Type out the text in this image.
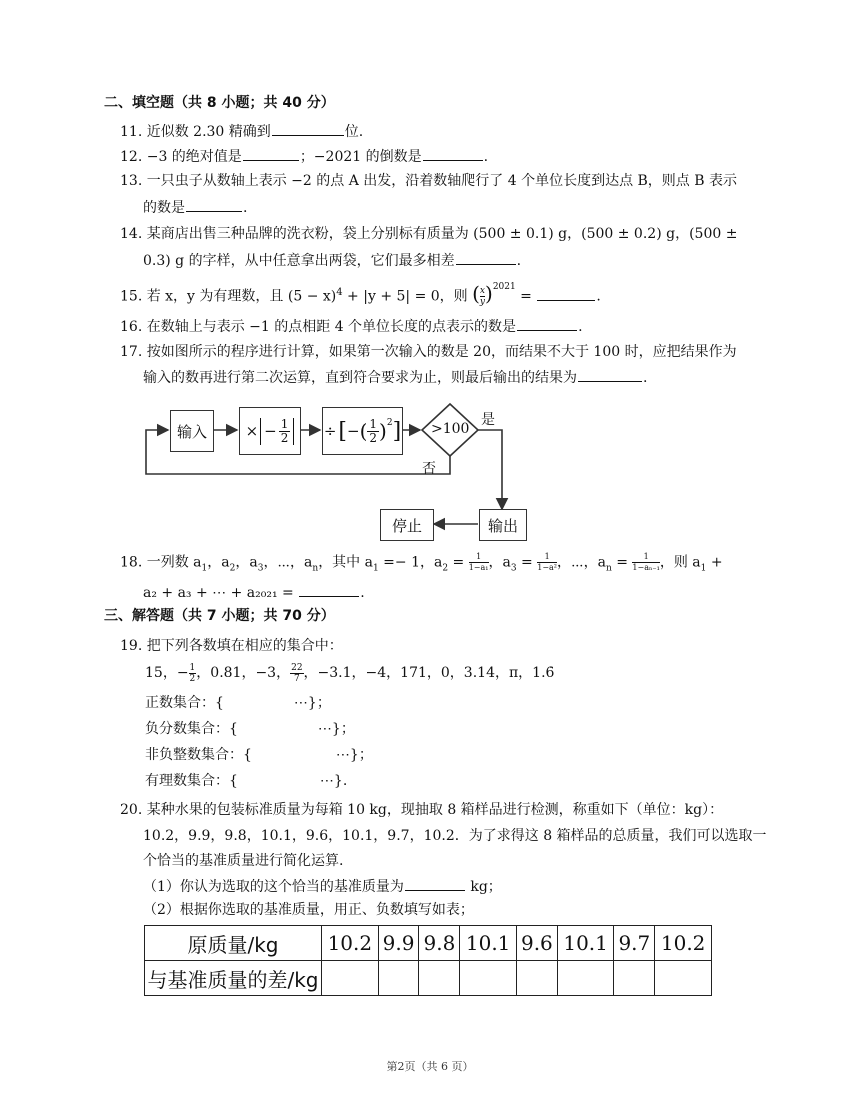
二、填空题（共 8 小题；共 40 分）
11. 近似数 2.30 精确到	位.
12. −3 的绝对值是	；−2021 的倒数是	.
13. 一只虫子从数轴上表示 −2 的点 A 出发，沿着数轴爬行了 4 个单位长度到达点 B，则点 B 表示
的数是	.
14. 某商店出售三种品牌的洗衣粉，袋上分别标有质量为 (500 ± 0.1) g，(500 ± 0.2) g，(500 ±
0.3) g 的字样，从中任意拿出两袋，它们最多相差	.
15. 若 x，y 为有理数，且 $(5 - x)^4 + |y + 5| = 0$，则 ( $\frac{x}{y} )^{2021}$ =	.
16. 在数轴上与表示 −1 的点相距 4 个单位长度的点表示的数是	.
17. 按如图所示的程序进行计算，如果第一次输入的数是 20，而结果不大于 100 时，应把结果作为
输入的数再进行第二次运算，直到符合要求为止，则最后输出的结果为	.
输入	× − $\frac{1}{2}$ ÷ [ − ( 1
2 )$^2$ ] >100
是
否
输出
停止
18. 一列数 $a_1$，$a_2$，$a_3$，⋯，$a_n$，其中 $a_1 =- 1$，$a_2 = \frac{1}{\text{1−a₁}}$ ，$a_3 = \frac{1}{\text{1−a²}}$ ，⋯，$a_n = \frac{1}{\text{1−aₙ₋₁}}$ ，则 $a_1$ +
a₂ + a₃ + ⋯ + a₂₀₂₁ =	.
三、解答题（共 7 小题；共 70 分）
19. 把下列各数填在相应的集合中：
15，− $\frac{1}{2}$ ，0.81，−3， $\frac{22}{7}$ ，−3.1，−4，171，0，3.14，π，1.6̇
正数集合：{	⋯}；
负分数集合：{	⋯}；
非负整数集合：{	⋯}；
有理数集合：{	⋯}.
20. 某种水果的包装标准质量为每箱 10 kg，现抽取 8 箱样品进行检测，称重如下（单位：kg）：
10.2，9.9，9.8，10.1，9.6，10.1，9.7，10.2．为了求得这 8 箱样品的总质量，我们可以选取一
个恰当的基准质量进行简化运算.
（1）你认为选取的这个恰当的基准质量为	kg；
（2）根据你选取的基准质量，用正、负数填写如表；
原质量/kg	10.2	9.9	9.8	10.1	9.6	10.1	9.7	10.2
与基准质量的差/kg								
第2页（共 6 页）
